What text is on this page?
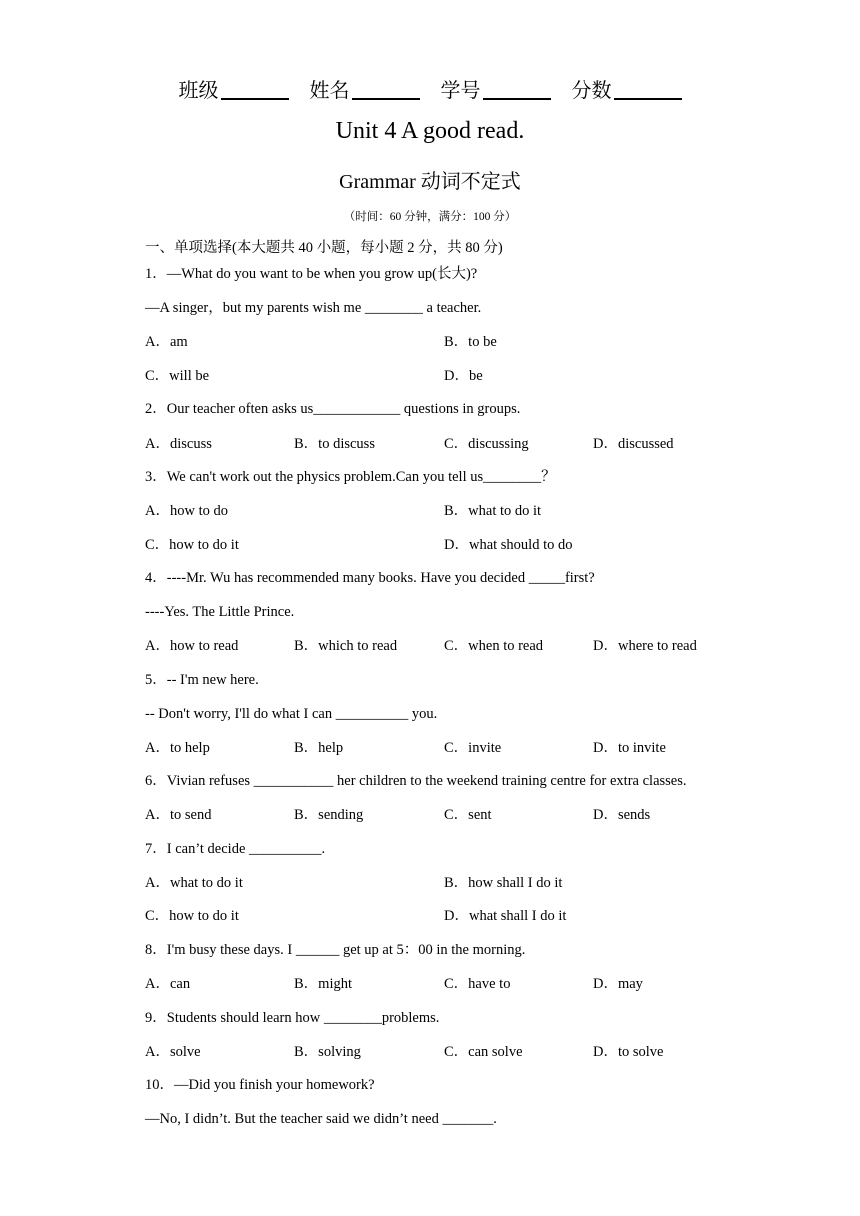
班级	姓名	学号	分数
Unit 4 A good read.
Grammar 动词不定式
（时间：60 分钟，满分：100 分）
一、单项选择(本大题共 40 小题，每小题 2 分，共 80 分)
1．—What do you want to be when you grow up(长大)?
—A singer，but my parents wish me ________ a teacher.
A．am	B．to be
C．will be	D．be
2．Our teacher often asks us____________ questions in groups.
A．discuss	B．to discuss	C．discussing	D．discussed
3．We can't work out the physics problem.Can you tell us________？
A．how to do	B．what to do it
C．how to do it	D．what should to do
4．----Mr. Wu has recommended many books. Have you decided _____first?
----Yes. The Little Prince.
A．how to read	B．which to read	C．when to read	D．where to read
5．-- I'm new here.
-- Don't worry, I'll do what I can __________ you.
A．to help	B．help	C．invite	D．to invite
6．Vivian refuses ___________ her children to the weekend training centre for extra classes.
A．to send	B．sending	C．sent	D．sends
7．I can’t decide __________.
A．what to do it	B．how shall I do it
C．how to do it	D．what shall I do it
8．I'm busy these days. I ______ get up at 5：00 in the morning.
A．can	B．might	C．have to	D．may
9．Students should learn how ________problems.
A．solve	B．solving	C．can solve	D．to solve
10．—Did you finish your homework?
—No, I didn’t. But the teacher said we didn’t need _______.
